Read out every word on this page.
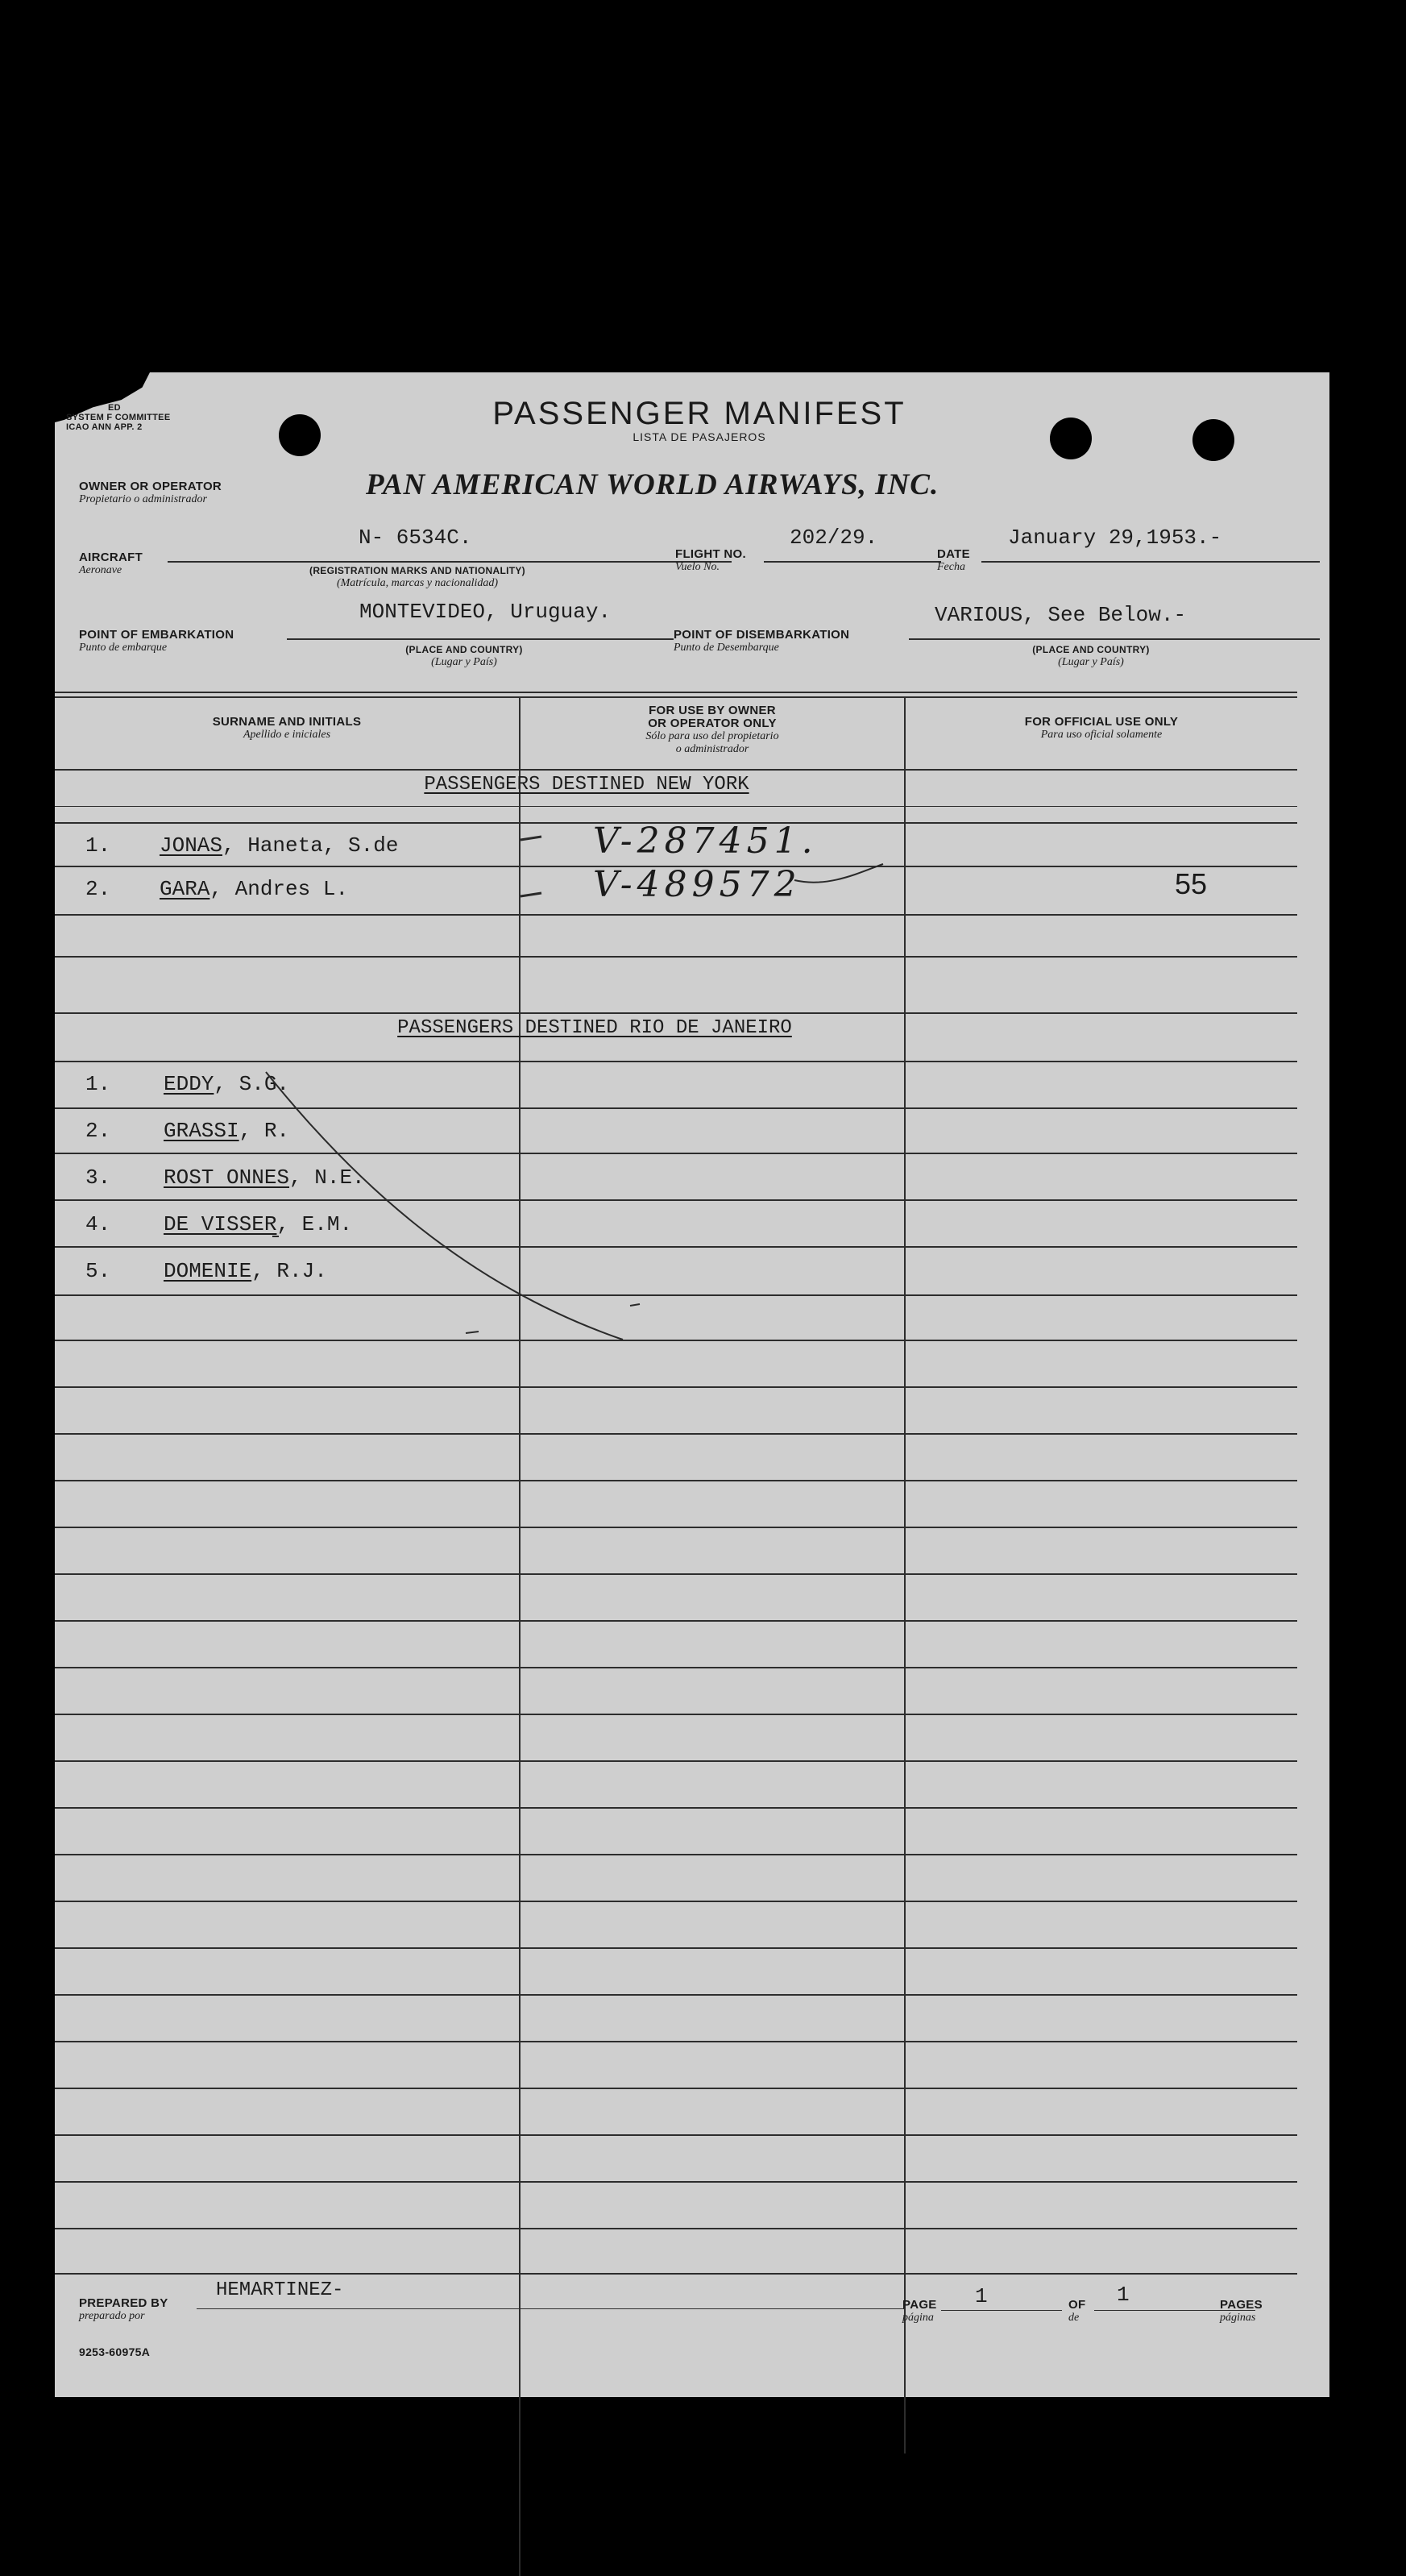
ED
SYSTEM F COMMITTEE
ICAO ANN APP. 2	PASSENGER MANIFEST
LISTA DE PASAJEROS
OWNER OR OPERATOR
Propietario o administrador	PAN AMERICAN WORLD AIRWAYS, INC.
AIRCRAFT
Aeronave
N- 6534C.
(REGISTRATION MARKS AND NATIONALITY)
(Matrícula, marcas y nacionalidad)
FLIGHT NO.
Vuelo No.
202/29.
DATE
Fecha
January 29,1953.-
POINT OF EMBARKATION
Punto de embarque
MONTEVIDEO, Uruguay.
(PLACE AND COUNTRY)
(Lugar y País)
POINT OF DISEMBARKATION
Punto de Desembarque
VARIOUS, See Below.-
(PLACE AND COUNTRY)
(Lugar y País)
SURNAME AND INITIALS
Apellido e iniciales
FOR USE BY OWNER
OR OPERATOR ONLY
Sólo para uso del propietario
o administrador
FOR OFFICIAL USE ONLY
Para uso oficial solamente
PASSENGERS DESTINED NEW YORK
1. JONAS, Haneta, S.de	V-287451.
2. GARA, Andres L.	V-489572	55
PASSENGERS DESTINED RIO DE JANEIRO
1.	EDDY, S.G.
2.	GRASSI, R.
3.	ROST ONNES, N.E.
4.	DE VISSER, E.M.
5.	DOMENIE, R.J.
PREPARED BY
preparado por
HEMARTINEZ-
PAGE
página
1	OF
de
1	PAGES
páginas
9253-60975A
